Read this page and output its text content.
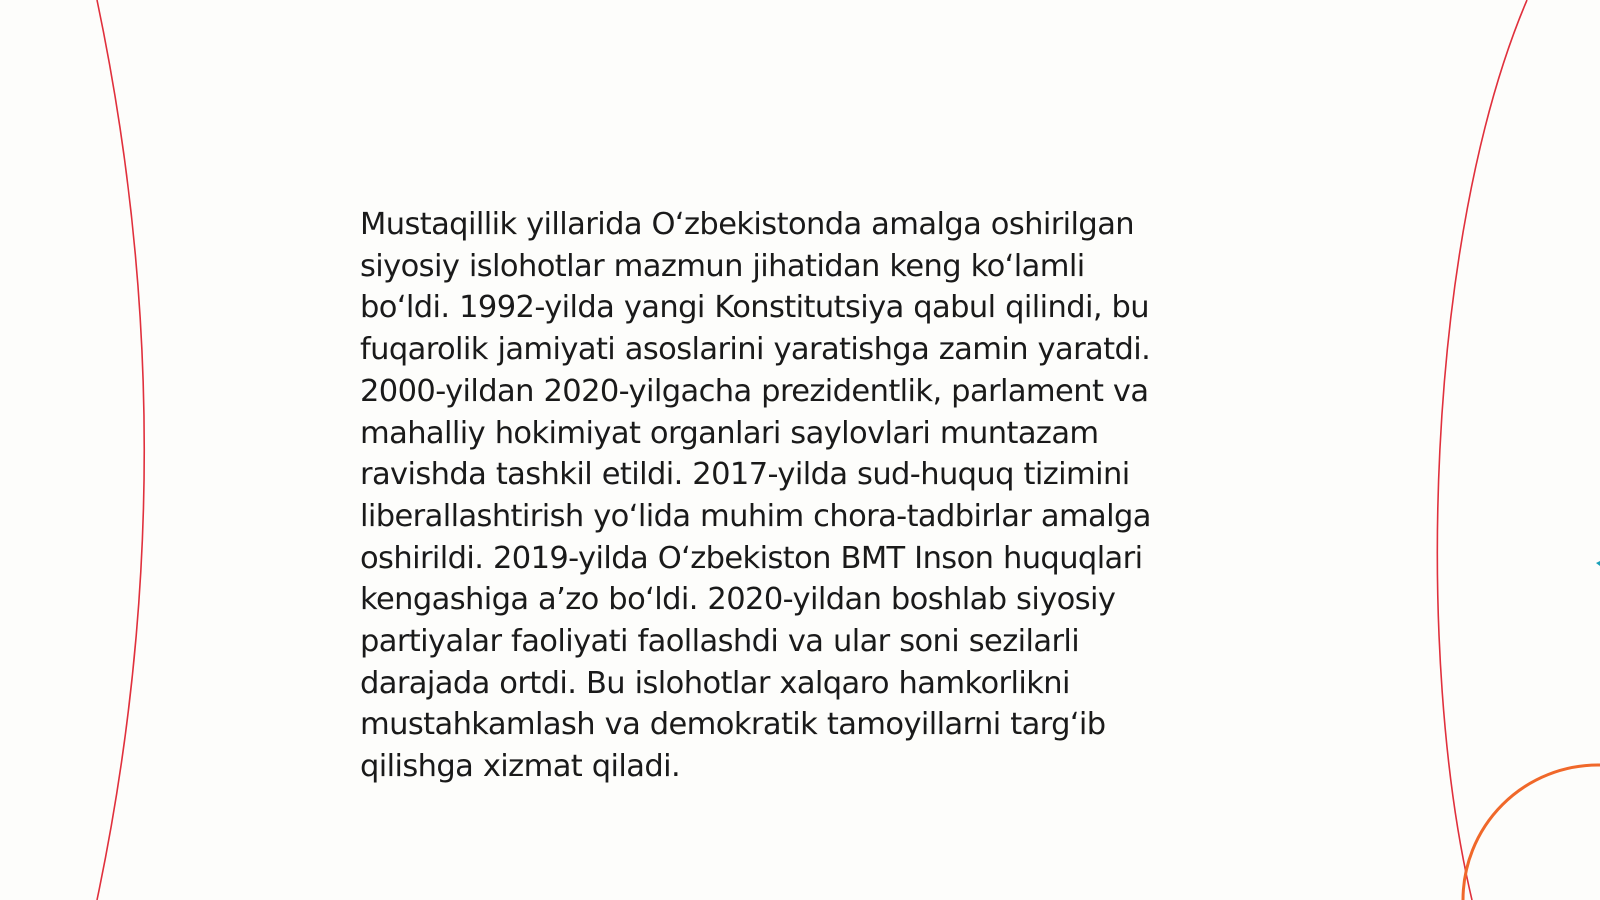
Mustaqillik yillarida O‘zbekistonda amalga oshirilgan
siyosiy islohotlar mazmun jihatidan keng ko‘lamli
bo‘ldi. 1992-yilda yangi Konstitutsiya qabul qilindi, bu
fuqarolik jamiyati asoslarini yaratishga zamin yaratdi.
2000-yildan 2020-yilgacha prezidentlik, parlament va
mahalliy hokimiyat organlari saylovlari muntazam
ravishda tashkil etildi. 2017-yilda sud-huquq tizimini
liberallashtirish yo‘lida muhim chora-tadbirlar amalga
oshirildi. 2019-yilda O‘zbekiston BMT Inson huquqlari
kengashiga a’zo bo‘ldi. 2020-yildan boshlab siyosiy
partiyalar faoliyati faollashdi va ular soni sezilarli
darajada ortdi. Bu islohotlar xalqaro hamkorlikni
mustahkamlash va demokratik tamoyillarni targ‘ib
qilishga xizmat qiladi.
